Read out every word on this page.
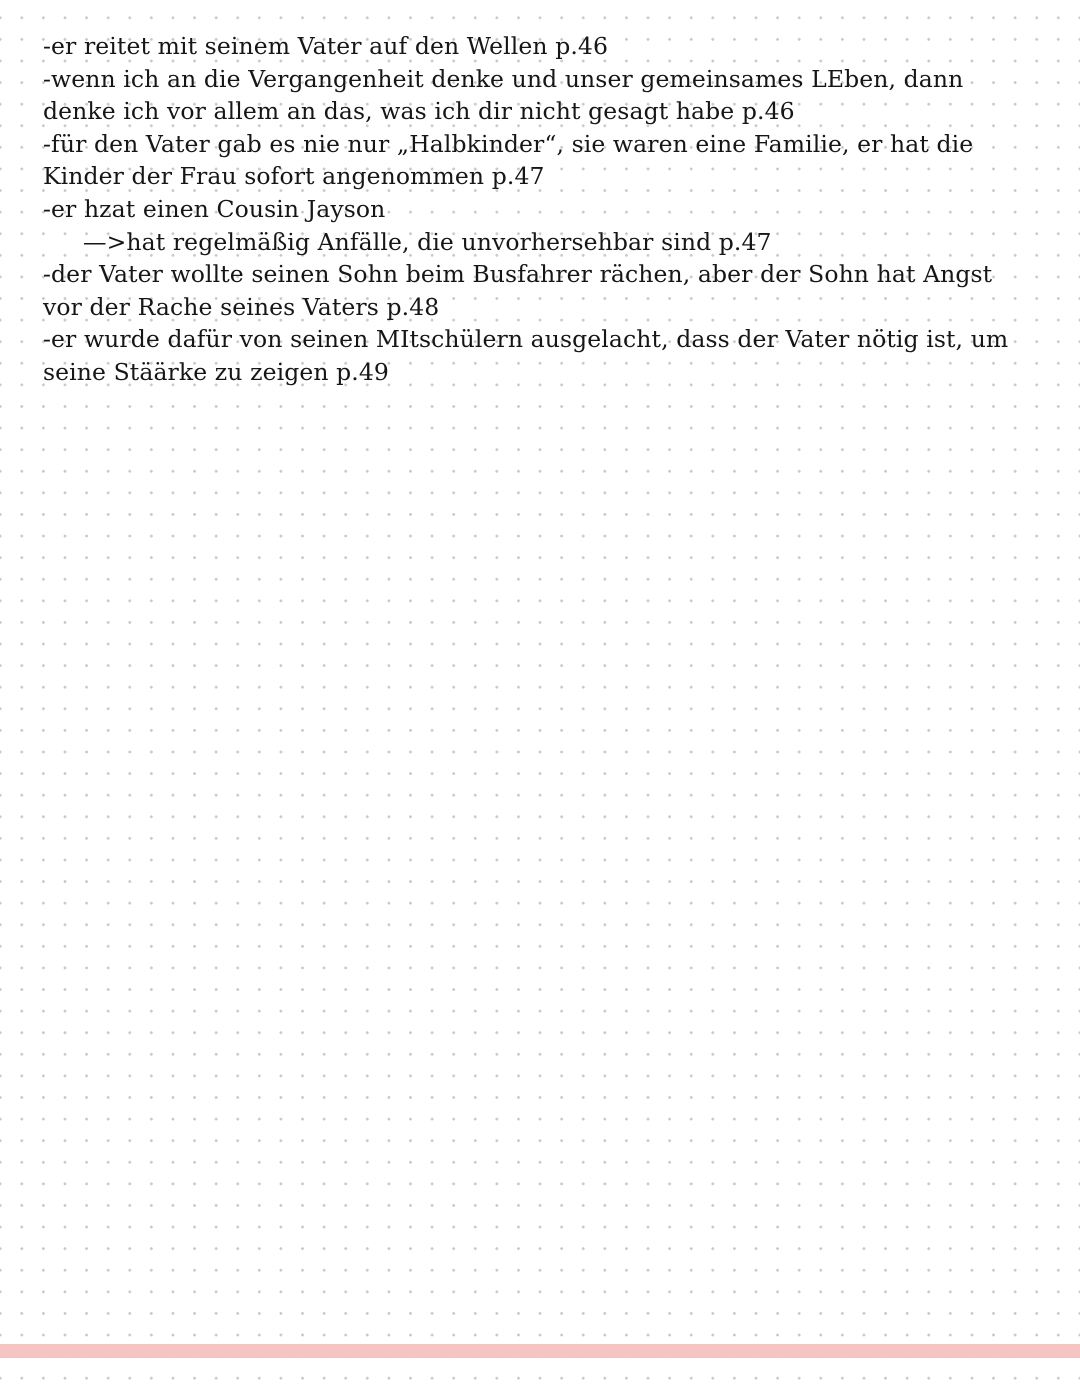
-er reitet mit seinem Vater auf den Wellen p.46
-wenn ich an die Vergangenheit denke und unser gemeinsames LEben, dann
denke ich vor allem an das, was ich dir nicht gesagt habe p.46
-für den Vater gab es nie nur „Halbkinder“, sie waren eine Familie, er hat die
Kinder der Frau sofort angenommen p.47
-er hzat einen Cousin Jayson
—>hat regelmäßig Anfälle, die unvorhersehbar sind p.47
-der Vater wollte seinen Sohn beim Busfahrer rächen, aber der Sohn hat Angst
vor der Rache seines Vaters p.48
-er wurde dafür von seinen MItschülern ausgelacht, dass der Vater nötig ist, um
seine Stäärke zu zeigen p.49
